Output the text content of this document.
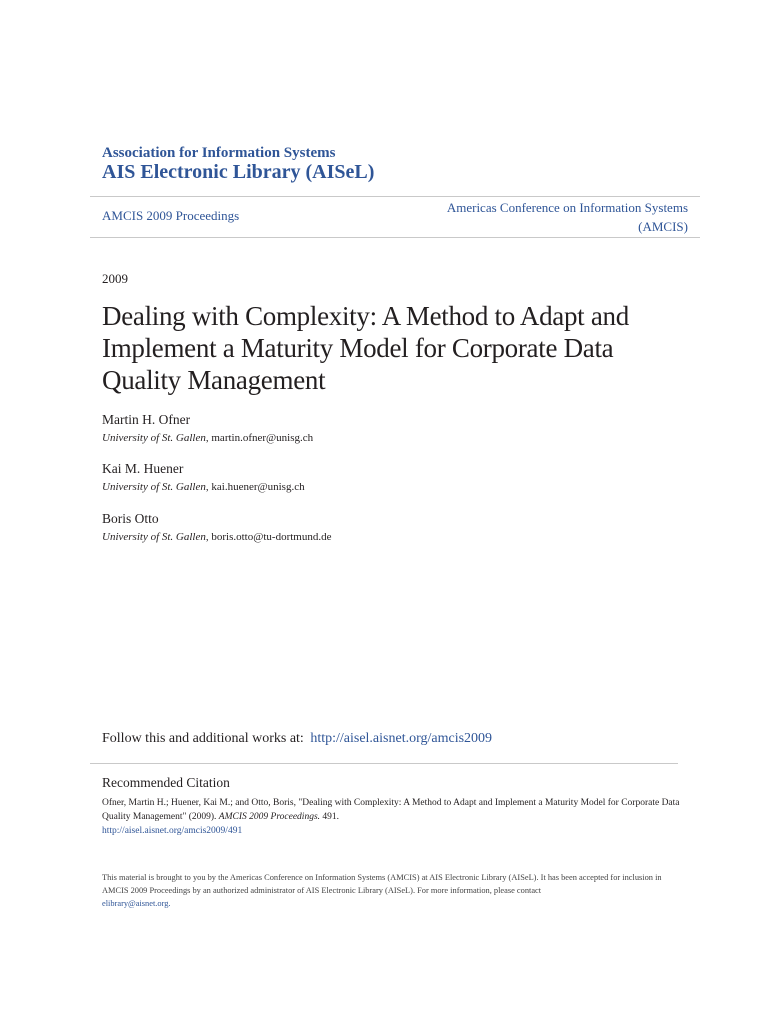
Association for Information Systems
AIS Electronic Library (AISeL)
AMCIS 2009 Proceedings
Americas Conference on Information Systems
(AMCIS)
2009
Dealing with Complexity: A Method to Adapt and Implement a Maturity Model for Corporate Data Quality Management
Martin H. Ofner
University of St. Gallen, martin.ofner@unisg.ch
Kai M. Huener
University of St. Gallen, kai.huener@unisg.ch
Boris Otto
University of St. Gallen, boris.otto@tu-dortmund.de
Follow this and additional works at: http://aisel.aisnet.org/amcis2009
Recommended Citation
Ofner, Martin H.; Huener, Kai M.; and Otto, Boris, "Dealing with Complexity: A Method to Adapt and Implement a Maturity Model for Corporate Data Quality Management" (2009). AMCIS 2009 Proceedings. 491.
http://aisel.aisnet.org/amcis2009/491
This material is brought to you by the Americas Conference on Information Systems (AMCIS) at AIS Electronic Library (AISeL). It has been accepted for inclusion in AMCIS 2009 Proceedings by an authorized administrator of AIS Electronic Library (AISeL). For more information, please contact
elibrary@aisnet.org.
